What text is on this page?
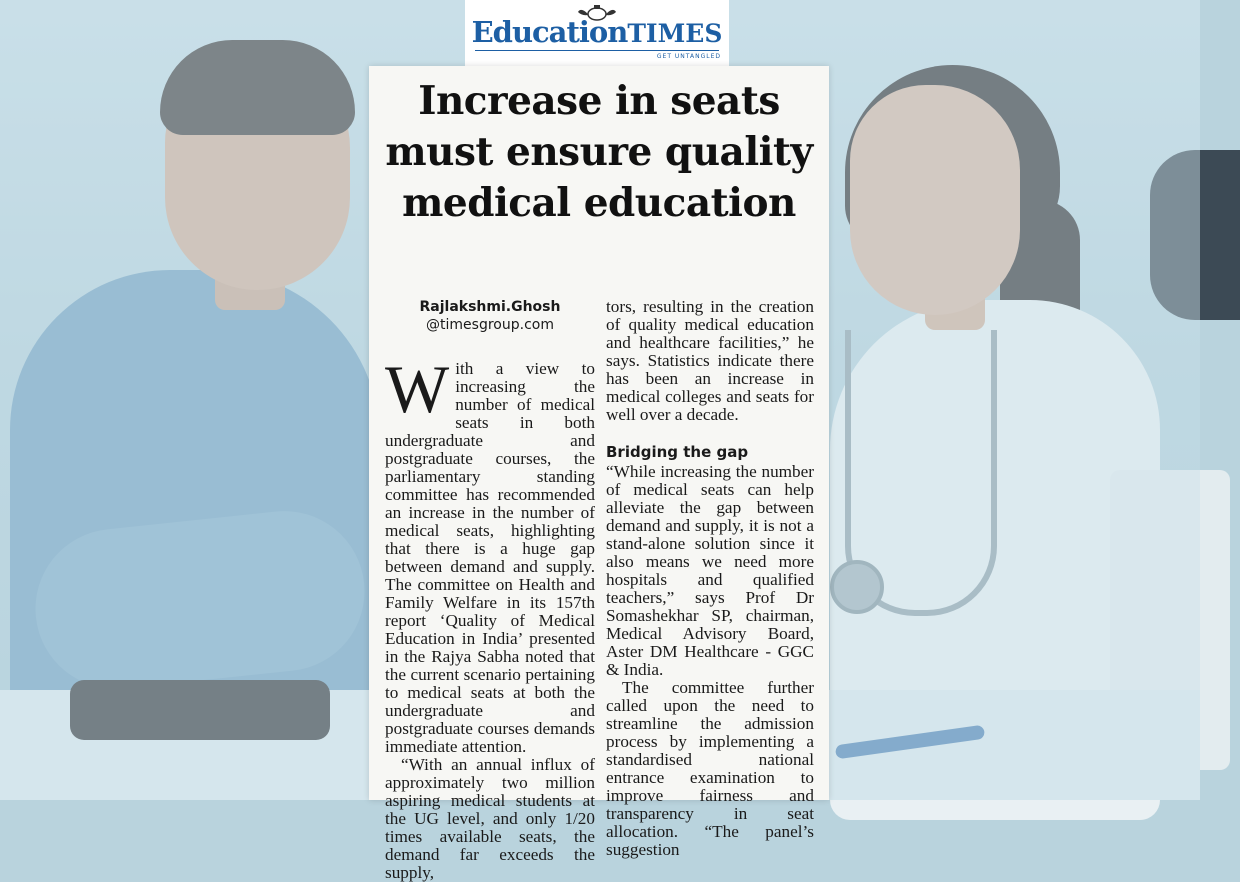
EducationTIMES
GET UNTANGLED
Increase in seats must ensure quality medical education
Rajlakshmi.Ghosh
@timesgroup.com

With a view to increasing the number of medical seats in both undergraduate and postgraduate courses, the parliamentary standing committee has recommended an increase in the number of medical seats, highlighting that there is a huge gap between demand and supply. The committee on Health and Family Welfare in its 157th report ‘Quality of Medical Education in India’ presented in the Rajya Sabha noted that the current scenario pertaining to medical seats at both the undergraduate and postgraduate courses demands immediate attention.

“With an annual influx of approximately two million aspiring medical students at the UG level, and only 1/20 times available seats, the demand far exceeds the supply,

tors, resulting in the creation of quality medical education and healthcare facilities,” he says. Statistics indicate there has been an increase in medical colleges and seats for well over a decade.

Bridging the gap

“While increasing the number of medical seats can help alleviate the gap between demand and supply, it is not a stand-alone solution since it also means we need more hospitals and qualified teachers,” says Prof Dr Somashekhar SP, chairman, Medical Advisory Board, Aster DM Healthcare - GGC & India.

The committee further called upon the need to streamline the admission process by implementing a standardised national entrance examination to improve fairness and transparency in seat allocation. “The panel’s suggestion
